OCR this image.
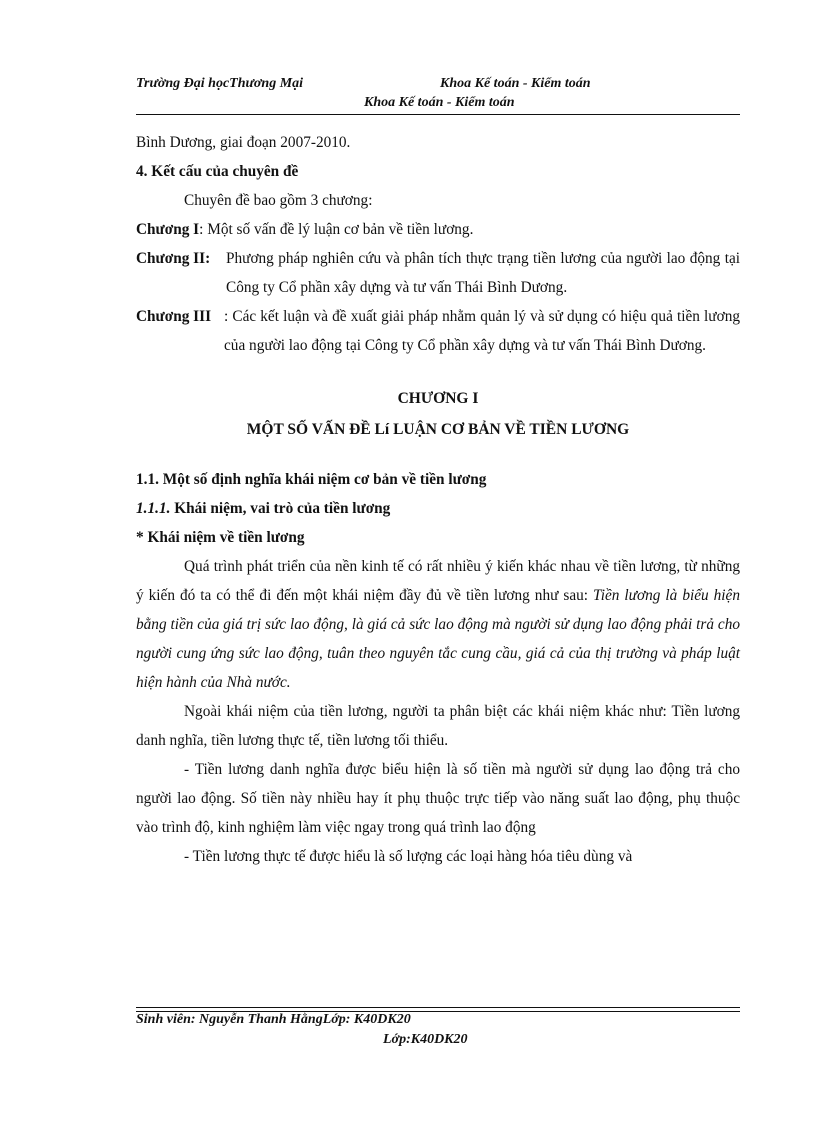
Trường Đại họcThương Mại	Khoa Kế toán - Kiểm toán
Khoa Kế toán - Kiểm toán

Bình Dương, giai đoạn 2007-2010.

4. Kết cấu của chuyên đề

Chuyên đề bao gồm 3 chương:

Chương I : Một số vấn đề lý luận cơ bản về tiền lương.
Chương II:	Phương pháp nghiên cứu và phân tích thực trạng tiền lương của người lao động tại Công ty Cổ phần xây dựng và tư vấn Thái Bình Dương.
Chương III : Các kết luận và đề xuất giải pháp nhằm quản lý và sử dụng có hiệu quả tiền lương của người lao động tại Công ty Cổ phần xây dựng và tư vấn Thái Bình Dương.

CHƯƠNG I

MỘT SỐ VẤN ĐỀ Lí LUẬN CƠ BẢN VỀ TIỀN LƯƠNG

1.1. Một số định nghĩa khái niệm cơ bản về tiền lương

1.1.1. Khái niệm, vai trò của tiền lương

* Khái niệm về tiền lương

Quá trình phát triển của nền kinh tế có rất nhiều ý kiến khác nhau về tiền lương, từ những ý kiến đó ta có thể đi đến một khái niệm đầy đủ về tiền lương như sau: Tiền lương là biểu hiện bằng tiền của giá trị sức lao động, là giá cả sức lao động mà người sử dụng lao động phải trả cho người cung ứng sức lao động, tuân theo nguyên tắc cung cầu, giá cả của thị trường và pháp luật hiện hành của Nhà nước.

Ngoài khái niệm của tiền lương, người ta phân biệt các khái niệm khác như: Tiền lương danh nghĩa, tiền lương thực tế, tiền lương tối thiểu.

- Tiền lương danh nghĩa được biểu hiện là số tiền mà người sử dụng lao động trả cho người lao động. Số tiền này nhiều hay ít phụ thuộc trực tiếp vào năng suất lao động, phụ thuộc vào trình độ, kinh nghiệm làm việc ngay trong quá trình lao động

- Tiền lương thực tế được hiểu là số lượng các loại hàng hóa tiêu dùng và

Sinh viên: Nguyễn Thanh HằngLớp: K40DK20
Lớp:K40DK20
